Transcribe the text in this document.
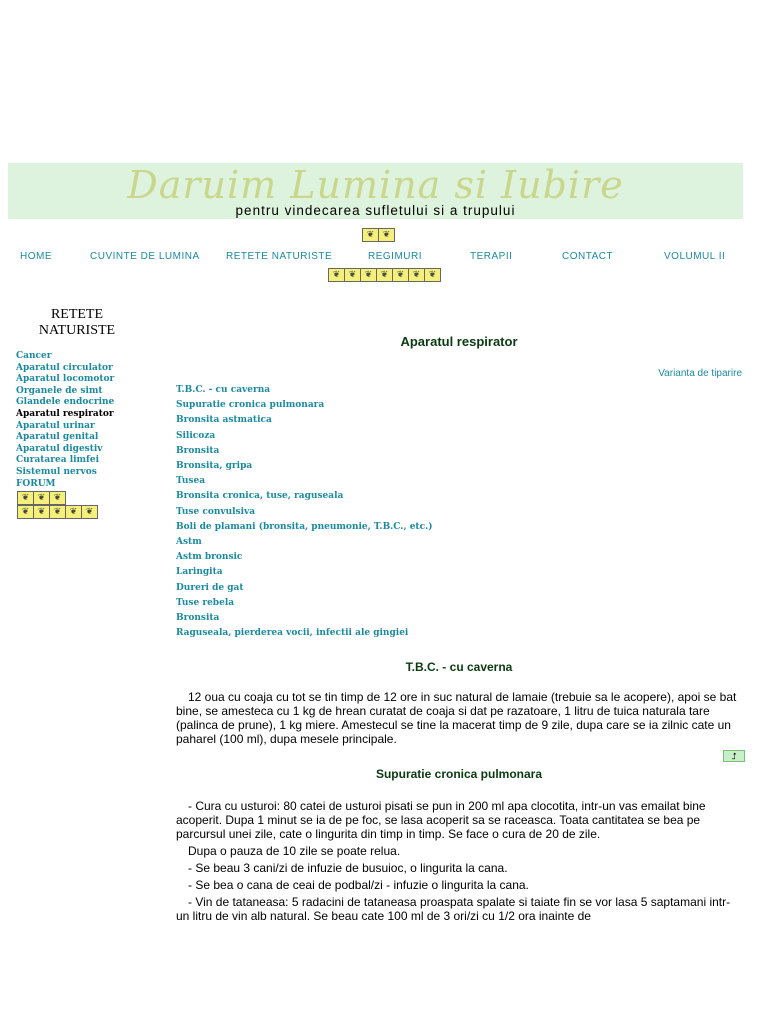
Daruim Lumina si Iubire
pentru vindecarea sufletului si a trupului
❦ ❦
HOME	CUVINTE DE LUMINA	RETETE NATURISTE	REGIMURI	TERAPII	CONTACT	VOLUMUL II
❦ ❦ ❦ ❦ ❦ ❦ ❦
RETETE
NATURISTE
Cancer
Aparatul circulator
Aparatul locomotor
Organele de simt
Glandele endocrine
Aparatul respirator
Aparatul urinar
Aparatul genital
Aparatul digestiv
Curatarea limfei
Sistemul nervos
FORUM
❦ ❦ ❦
❦ ❦ ❦ ❦ ❦
Aparatul respirator
Varianta de tiparire
T.B.C. - cu caverna
Supuratie cronica pulmonara
Bronsita astmatica
Silicoza
Bronsita
Bronsita, gripa
Tusea
Bronsita cronica, tuse, raguseala
Tuse convulsiva
Boli de plamani (bronsita, pneumonie, T.B.C., etc.)
Astm
Astm bronsic
Laringita
Dureri de gat
Tuse rebela
Bronsita
Raguseala, pierderea vocii, infectii ale gingiei
T.B.C. - cu caverna

12 oua cu coaja cu tot se tin timp de 12 ore in suc natural de lamaie (trebuie sa le acopere), apoi se bat bine, se amesteca cu 1 kg de hrean curatat de coaja si dat pe razatoare, 1 litru de tuica naturala tare (palinca de prune), 1 kg miere. Amestecul se tine la macerat timp de 9 zile, dupa care se ia zilnic cate un paharel (100 ml), dupa mesele principale.

⮥
Supuratie cronica pulmonara

- Cura cu usturoi: 80 catei de usturoi pisati se pun in 200 ml apa clocotita, intr-un vas emailat bine acoperit. Dupa 1 minut se ia de pe foc, se lasa acoperit sa se raceasca. Toata cantitatea se bea pe parcursul unei zile, cate o lingurita din timp in timp. Se face o cura de 20 de zile.

Dupa o pauza de 10 zile se poate relua.

- Se beau 3 cani/zi de infuzie de busuioc, o lingurita la cana.

- Se bea o cana de ceai de podbal/zi - infuzie o lingurita la cana.

- Vin de tataneasa: 5 radacini de tataneasa proaspata spalate si taiate fin se vor lasa 5 saptamani intr-un litru de vin alb natural. Se beau cate 100 ml de 3 ori/zi cu 1/2 ora inainte de
